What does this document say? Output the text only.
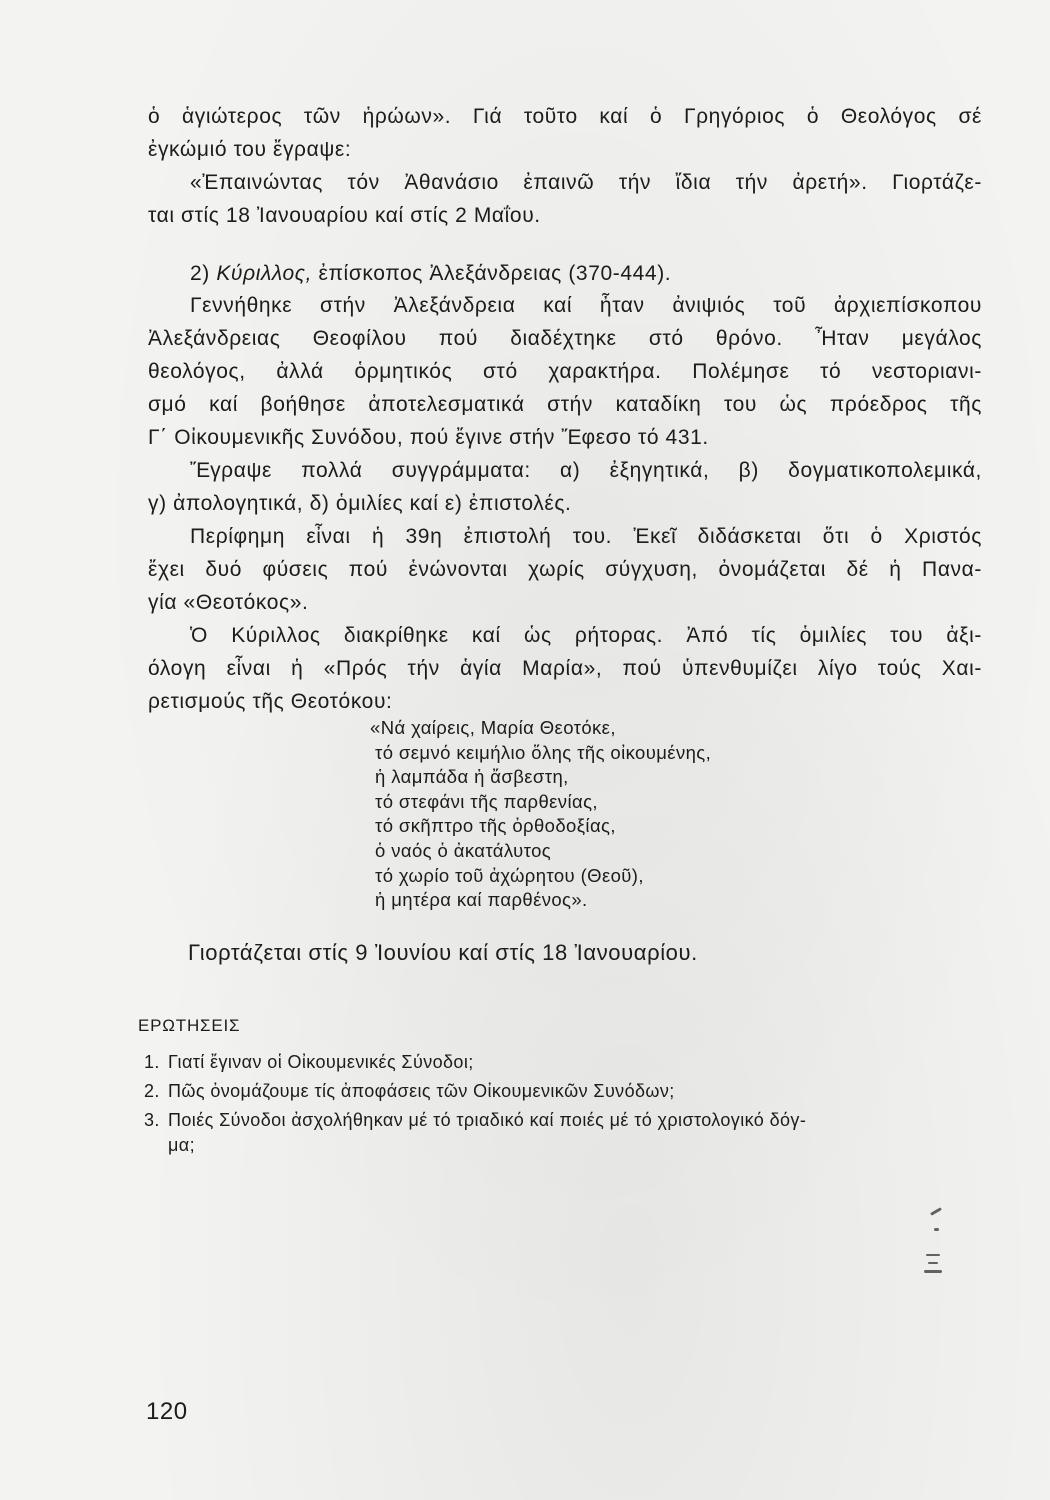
ὁ ἁγιώτερος τῶν ἡρώων». Γιά τοῦτο καί ὁ Γρηγόριος ὁ Θεολόγος σέ
ἐγκώμιό του ἔγραψε:
«Ἐπαινώντας τόν Ἀθανάσιο ἐπαινῶ τήν ἴδια τήν ἀρετή». Γιορτάζε-
ται στίς 18 Ἰανουαρίου καί στίς 2 Μαΐου.
2) Κύριλλος, ἐπίσκοπος Ἀλεξάνδρειας (370-444).
Γεννήθηκε στήν Ἀλεξάνδρεια καί ἦταν ἀνιψιός τοῦ ἀρχιεπίσκοπου
Ἀλεξάνδρειας Θεοφίλου πού διαδέχτηκε στό θρόνο. Ἦταν μεγάλος
θεολόγος, ἀλλά ὁρμητικός στό χαρακτήρα. Πολέμησε τό νεστοριανι-
σμό καί βοήθησε ἀποτελεσματικά στήν καταδίκη του ὡς πρόεδρος τῆς
Γ΄ Οἰκουμενικῆς Συνόδου, πού ἔγινε στήν Ἔφεσο τό 431.
Ἔγραψε πολλά συγγράμματα: α) ἐξηγητικά, β) δογματικοπολεμικά,
γ) ἀπολογητικά, δ) ὁμιλίες καί ε) ἐπιστολές.
Περίφημη εἶναι ἡ 39η ἐπιστολή του. Ἐκεῖ διδάσκεται ὅτι ὁ Χριστός
ἔχει δυό φύσεις πού ἑνώνονται χωρίς σύγχυση, ὀνομάζεται δέ ἡ Πανα-
γία «Θεοτόκος».
Ὁ Κύριλλος διακρίθηκε καί ὡς ρήτορας. Ἀπό τίς ὁμιλίες του ἀξι-
όλογη εἶναι ἡ «Πρός τήν ἁγία Μαρία», πού ὑπενθυμίζει λίγο τούς Χαι-
ρετισμούς τῆς Θεοτόκου:
«Νά χαίρεις, Μαρία Θεοτόκε,
τό σεμνό κειμήλιο ὅλης τῆς οἰκουμένης,
ἡ λαμπάδα ἡ ἄσβεστη,
τό στεφάνι τῆς παρθενίας,
τό σκῆπτρο τῆς ὀρθοδοξίας,
ὁ ναός ὁ ἀκατάλυτος
τό χωρίο τοῦ ἀχώρητου (Θεοῦ),
ἡ μητέρα καί παρθένος».
Γιορτάζεται στίς 9 Ἰουνίου καί στίς 18 Ἰανουαρίου.
ΕΡΩΤΗΣΕΙΣ
1. Γιατί ἔγιναν οἱ Οἰκουμενικές Σύνοδοι;
2. Πῶς ὀνομάζουμε τίς ἀποφάσεις τῶν Οἰκουμενικῶν Συνόδων;
3. Ποιές Σύνοδοι ἀσχολήθηκαν μέ τό τριαδικό καί ποιές μέ τό χριστολογικό δόγ-
μα;
120
